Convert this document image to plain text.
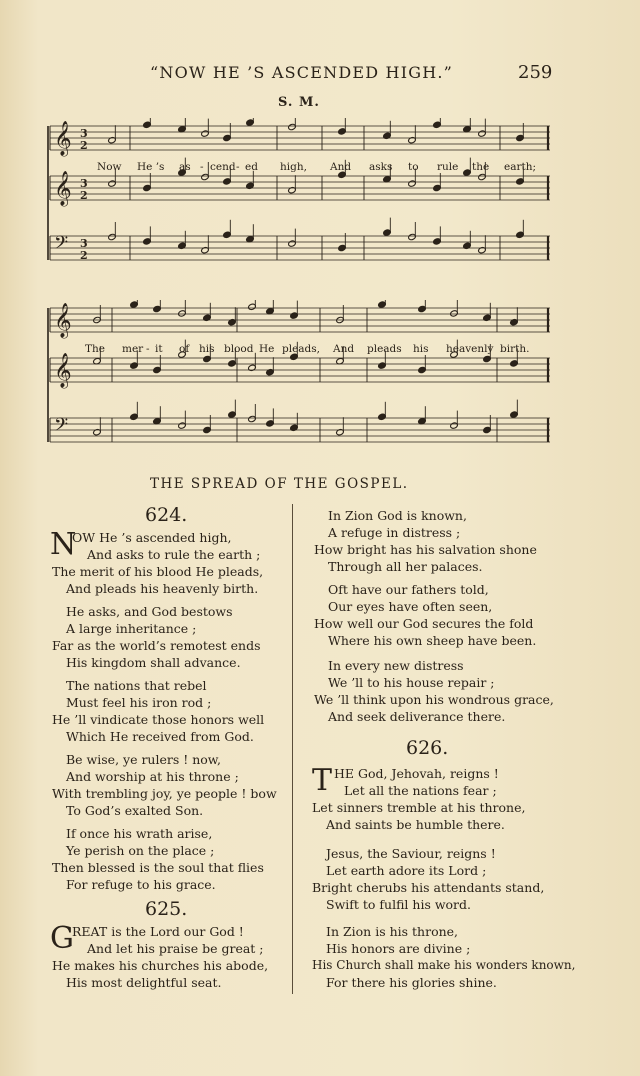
“NOW HE ’S ASCENDED HIGH.”	259
S. M.
3
2
𝄞
3
2
𝄞
3
2
𝄢
Now He ’s as - cend - ed high, And asks to rule the earth;
𝄞
𝄞
𝄢
The mer - it of his blood He pleads, And pleads his heavenly birth.
THE SPREAD OF THE GOSPEL.
624.
N
OW He ’s ascended high,
And asks to rule the earth ;
The merit of his blood He pleads,
And pleads his heavenly birth.
He asks, and God bestows
A large inheritance ;
Far as the world’s remotest ends
His kingdom shall advance.
The nations that rebel
Must feel his iron rod ;
He ’ll vindicate those honors well
Which He received from God.
Be wise, ye rulers ! now,
And worship at his throne ;
With trembling joy, ye people ! bow
To God’s exalted Son.
If once his wrath arise,
Ye perish on the place ;
Then blessed is the soul that flies
For refuge to his grace.
625.
G
REAT is the Lord our God !
And let his praise be great ;
He makes his churches his abode,
His most delightful seat.
In Zion God is known,
A refuge in distress ;
How bright has his salvation shone
Through all her palaces.
Oft have our fathers told,
Our eyes have often seen,
How well our God secures the fold
Where his own sheep have been.
In every new distress
We ’ll to his house repair ;
We ’ll think upon his wondrous grace,
And seek deliverance there.
626.
T HE God, Jehovah, reigns !
Let all the nations fear ;
Let sinners tremble at his throne,
And saints be humble there.
Jesus, the Saviour, reigns !
Let earth adore its Lord ;
Bright cherubs his attendants stand,
Swift to fulfil his word.
In Zion is his throne,
His honors are divine ;
His Church shall make his wonders known,
For there his glories shine.
